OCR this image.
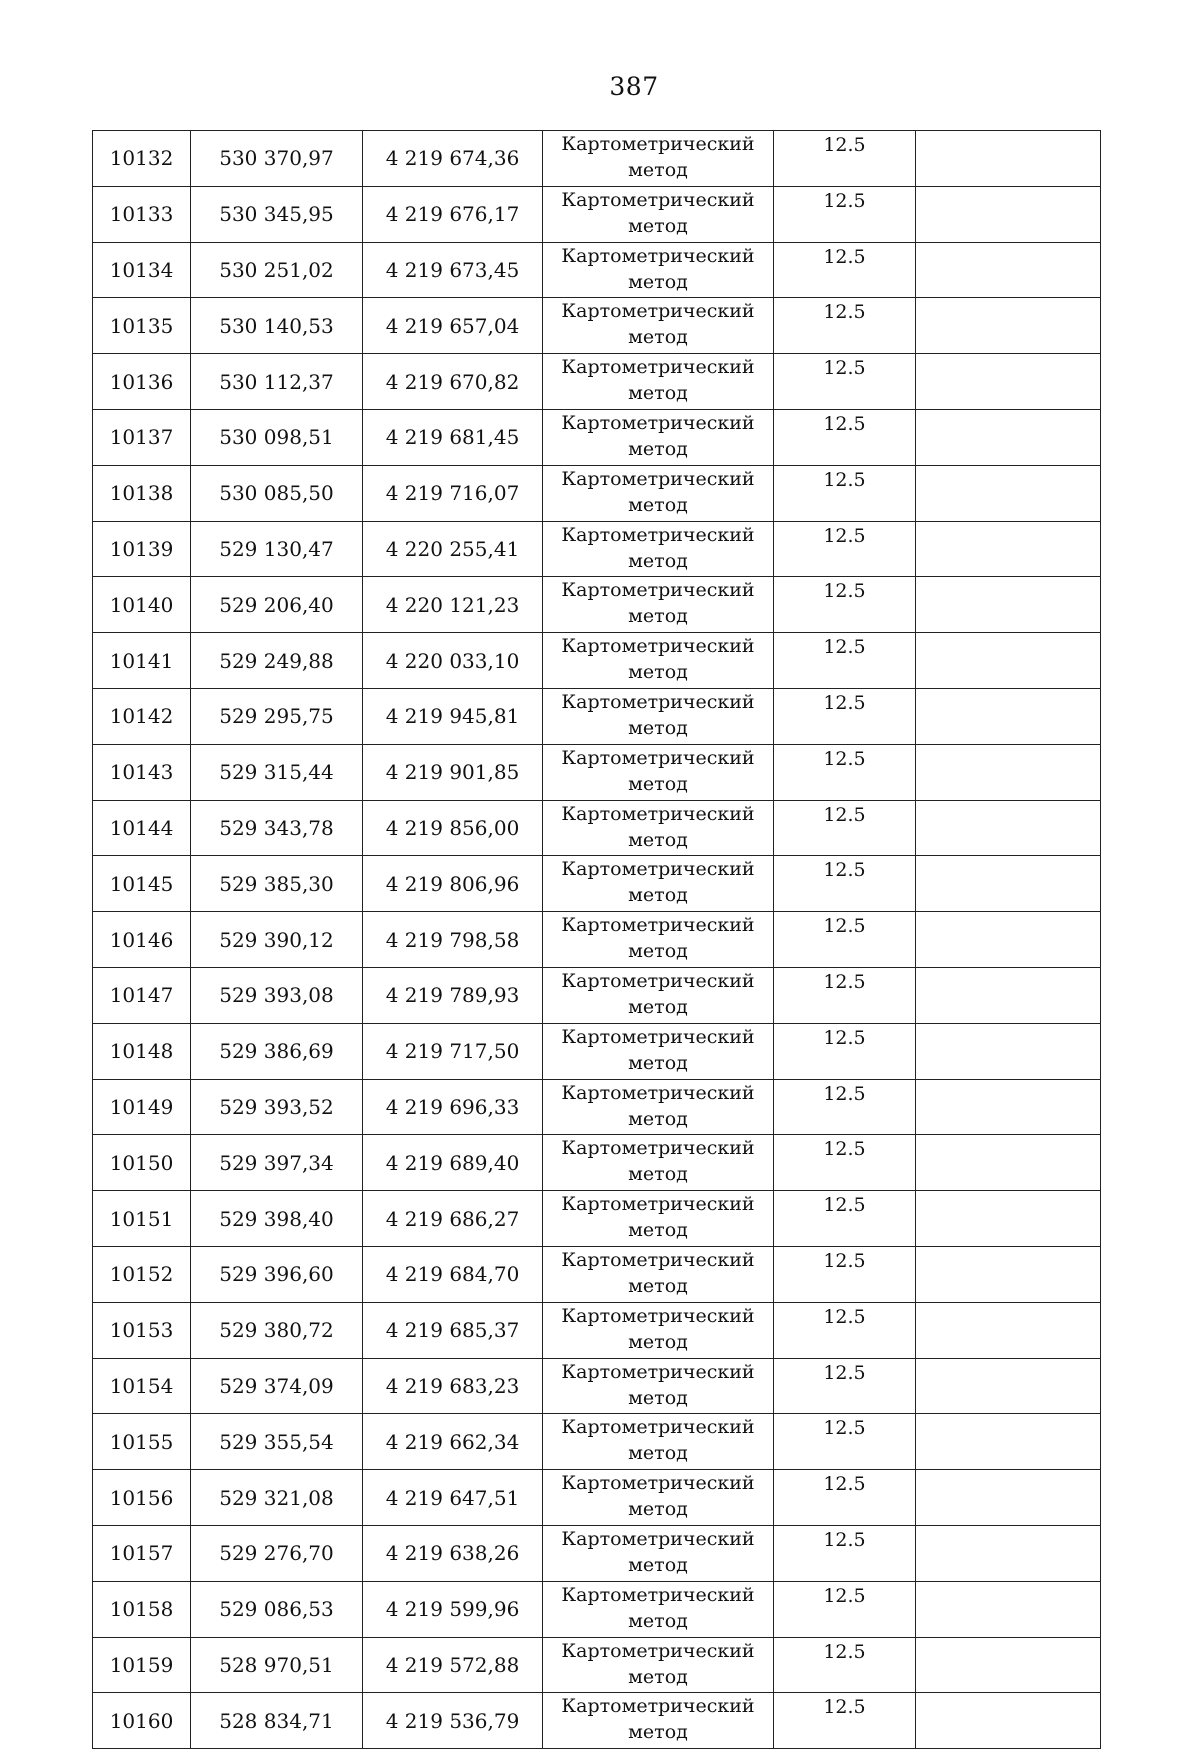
387
10132	530 370,97	4 219 674,36	Картометрический
метод	12.5	
10133	530 345,95	4 219 676,17	Картометрический
метод	12.5	
10134	530 251,02	4 219 673,45	Картометрический
метод	12.5	
10135	530 140,53	4 219 657,04	Картометрический
метод	12.5	
10136	530 112,37	4 219 670,82	Картометрический
метод	12.5	
10137	530 098,51	4 219 681,45	Картометрический
метод	12.5	
10138	530 085,50	4 219 716,07	Картометрический
метод	12.5	
10139	529 130,47	4 220 255,41	Картометрический
метод	12.5	
10140	529 206,40	4 220 121,23	Картометрический
метод	12.5	
10141	529 249,88	4 220 033,10	Картометрический
метод	12.5	
10142	529 295,75	4 219 945,81	Картометрический
метод	12.5	
10143	529 315,44	4 219 901,85	Картометрический
метод	12.5	
10144	529 343,78	4 219 856,00	Картометрический
метод	12.5	
10145	529 385,30	4 219 806,96	Картометрический
метод	12.5	
10146	529 390,12	4 219 798,58	Картометрический
метод	12.5	
10147	529 393,08	4 219 789,93	Картометрический
метод	12.5	
10148	529 386,69	4 219 717,50	Картометрический
метод	12.5	
10149	529 393,52	4 219 696,33	Картометрический
метод	12.5	
10150	529 397,34	4 219 689,40	Картометрический
метод	12.5	
10151	529 398,40	4 219 686,27	Картометрический
метод	12.5	
10152	529 396,60	4 219 684,70	Картометрический
метод	12.5	
10153	529 380,72	4 219 685,37	Картометрический
метод	12.5	
10154	529 374,09	4 219 683,23	Картометрический
метод	12.5	
10155	529 355,54	4 219 662,34	Картометрический
метод	12.5	
10156	529 321,08	4 219 647,51	Картометрический
метод	12.5	
10157	529 276,70	4 219 638,26	Картометрический
метод	12.5	
10158	529 086,53	4 219 599,96	Картометрический
метод	12.5	
10159	528 970,51	4 219 572,88	Картометрический
метод	12.5	
10160	528 834,71	4 219 536,79	Картометрический
метод	12.5	
